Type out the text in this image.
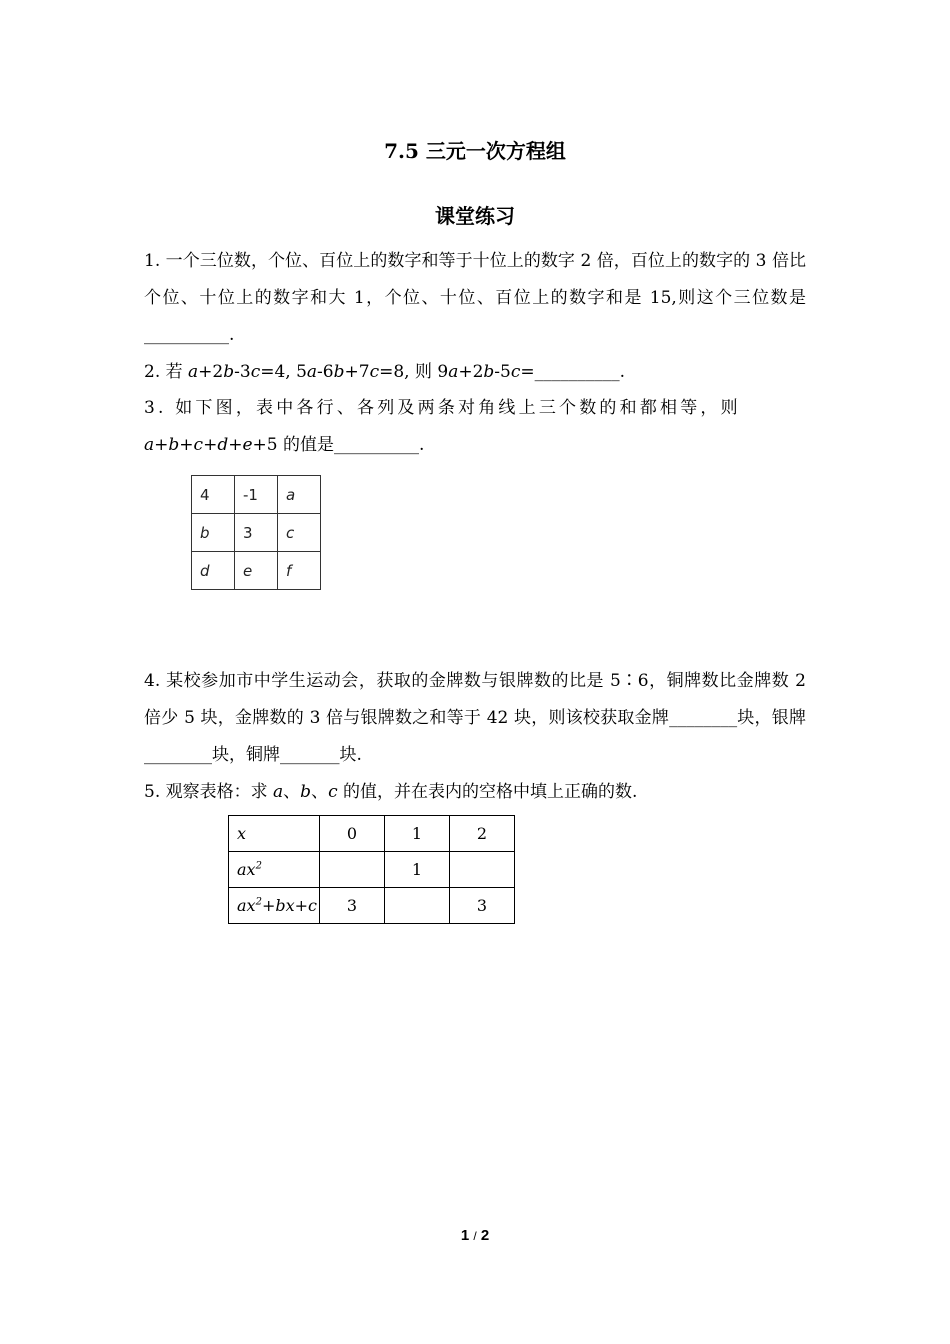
7.5 三元一次方程组
课堂练习
1. 一个三位数，个位、百位上的数字和等于十位上的数字 2 倍，百位上的数字的 3 倍比个位、十位上的数字和大 1，个位、十位、百位上的数字和是 15,则这个三位数是__________.
2. 若 a+2b-3c=4, 5a-6b+7c=8, 则 9a+2b-5c=__________.
3. 如下图，表中各行、各列及两条对角线上三个数的和都相等，则
a+b+c+d+e+5 的值是__________.
4	-1	a
b	3	c
d	e	f
4. 某校参加市中学生运动会，获取的金牌数与银牌数的比是 5∶6，铜牌数比金牌数 2 倍少 5 块，金牌数的 3 倍与银牌数之和等于 42 块，则该校获取金牌________块，银牌________块，铜牌_______块.
5. 观察表格：求 a、b、c 的值，并在表内的空格中填上正确的数.
x	0	1	2
$ax^2$		1	
$ax^2+bx+c$	3		3
1 / 2
